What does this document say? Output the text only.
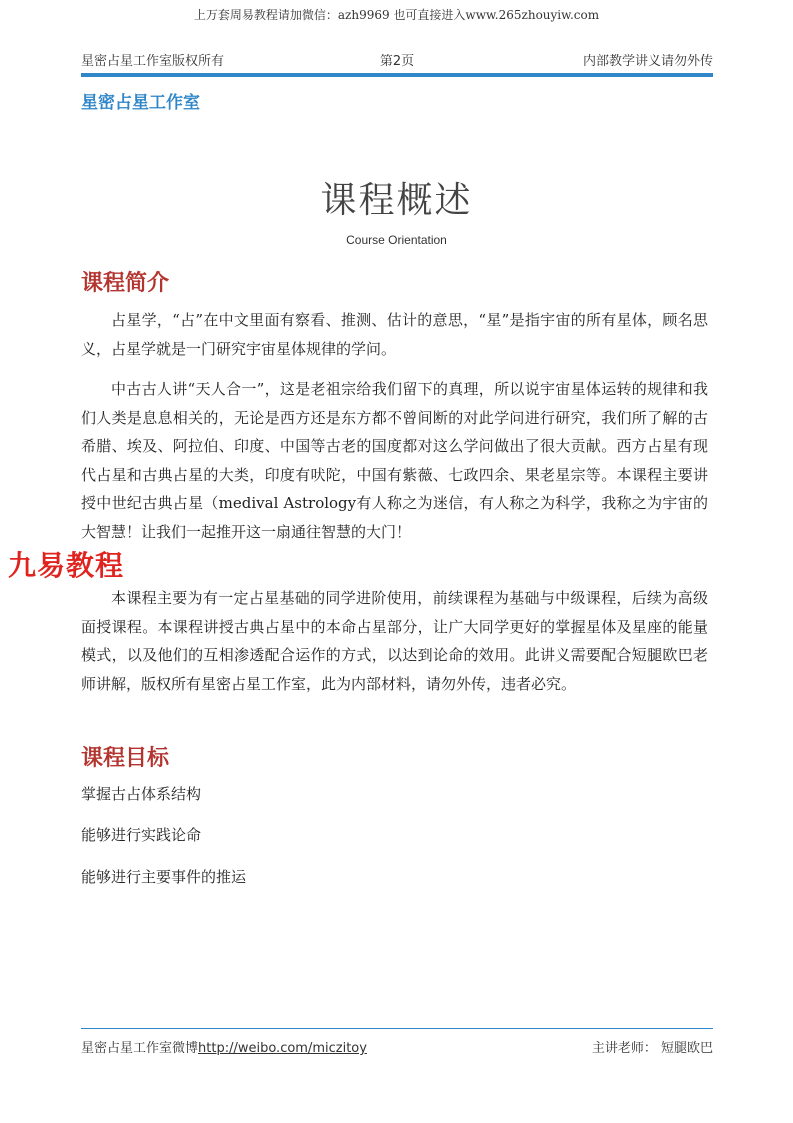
上万套周易教程请加微信：azh9969 也可直接进入www.265zhouyiw.com
星密占星工作室版权所有	第2页	内部教学讲义请勿外传
星密占星工作室
课程概述
Course Orientation
课程简介
占星学，“占”在中文里面有察看、推测、估计的意思，“星”是指宇宙的所有星体，顾名思义，占星学就是一门研究宇宙星体规律的学问。
中古古人讲“天人合一”，这是老祖宗给我们留下的真理，所以说宇宙星体运转的规律和我们人类是息息相关的，无论是西方还是东方都不曾间断的对此学问进行研究，我们所了解的古希腊、埃及、阿拉伯、印度、中国等古老的国度都对这么学问做出了很大贡献。西方占星有现代占星和古典占星的大类，印度有吠陀，中国有紫薇、七政四余、果老星宗等。本课程主要讲授中世纪古典占星（medival Astrology有人称之为迷信，有人称之为科学，我称之为宇宙的大智慧！让我们一起推开这一扇通往智慧的大门！
本课程主要为有一定占星基础的同学进阶使用，前续课程为基础与中级课程，后续为高级面授课程。本课程讲授古典占星中的本命占星部分，让广大同学更好的掌握星体及星座的能量模式，以及他们的互相渗透配合运作的方式，以达到论命的效用。此讲义需要配合短腿欧巴老师讲解，版权所有星密占星工作室，此为内部材料，请勿外传，违者必究。
九易教程
课程目标
掌握古占体系结构
能够进行实践论命
能够进行主要事件的推运
星密占星工作室微博http://weibo.com/miczitoy	主讲老师： 短腿欧巴
